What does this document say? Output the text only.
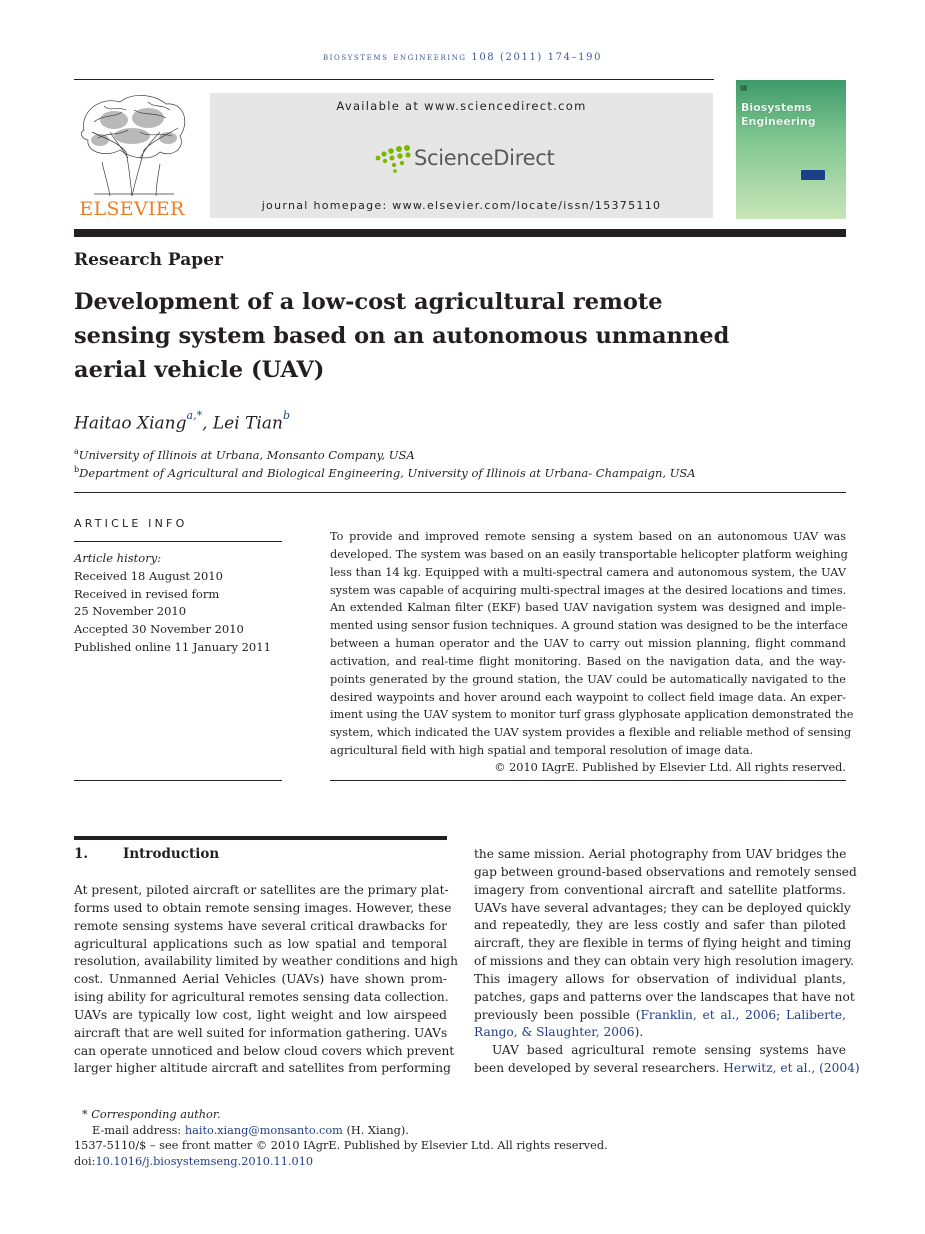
biosystems engineering 108 (2011) 174–190
ELSEVIER
Available at www.sciencedirect.com
ScienceDirect
journal homepage: www.elsevier.com/locate/issn/15375110
▦
Biosystems
Engineering
Research Paper
Development of a low-cost agricultural remote
sensing system based on an autonomous unmanned
aerial vehicle (UAV)
Haitao Xiang$^{a,*}$, Lei Tian$^b$
$^a$University of Illinois at Urbana, Monsanto Company, USA
$^b$Department of Agricultural and Biological Engineering, University of Illinois at Urbana- Champaign, USA
ARTICLE INFO
Article history:
Received 18 August 2010
Received in revised form
25 November 2010
Accepted 30 November 2010
Published online 11 January 2011
To provide and improved remote sensing a system based on an autonomous UAV was
developed. The system was based on an easily transportable helicopter platform weighing
less than 14 kg. Equipped with a multi-spectral camera and autonomous system, the UAV
system was capable of acquiring multi-spectral images at the desired locations and times.
An extended Kalman filter (EKF) based UAV navigation system was designed and imple-
mented using sensor fusion techniques. A ground station was designed to be the interface
between a human operator and the UAV to carry out mission planning, flight command
activation, and real-time flight monitoring. Based on the navigation data, and the way-
points generated by the ground station, the UAV could be automatically navigated to the
desired waypoints and hover around each waypoint to collect field image data. An exper-
iment using the UAV system to monitor turf grass glyphosate application demonstrated the
system, which indicated the UAV system provides a flexible and reliable method of sensing
agricultural field with high spatial and temporal resolution of image data.
© 2010 IAgrE. Published by Elsevier Ltd. All rights reserved.
1.	Introduction
At present, piloted aircraft or satellites are the primary plat-
forms used to obtain remote sensing images. However, these
remote sensing systems have several critical drawbacks for
agricultural applications such as low spatial and temporal
resolution, availability limited by weather conditions and high
cost. Unmanned Aerial Vehicles (UAVs) have shown prom-
ising ability for agricultural remotes sensing data collection.
UAVs are typically low cost, light weight and low airspeed
aircraft that are well suited for information gathering. UAVs
can operate unnoticed and below cloud covers which prevent
larger higher altitude aircraft and satellites from performing
the same mission. Aerial photography from UAV bridges the
gap between ground-based observations and remotely sensed
imagery from conventional aircraft and satellite platforms.
UAVs have several advantages; they can be deployed quickly
and repeatedly, they are less costly and safer than piloted
aircraft, they are flexible in terms of flying height and timing
of missions and they can obtain very high resolution imagery.
This imagery allows for observation of individual plants,
patches, gaps and patterns over the landscapes that have not
previously been possible (Franklin, et al., 2006; Laliberte,
Rango, & Slaughter, 2006).
UAV based agricultural remote sensing systems have
been developed by several researchers. Herwitz, et al., (2004)
* Corresponding author.
E-mail address: haito.xiang@monsanto.com (H. Xiang).
1537-5110/$ – see front matter © 2010 IAgrE. Published by Elsevier Ltd. All rights reserved.
doi:10.1016/j.biosystemseng.2010.11.010
